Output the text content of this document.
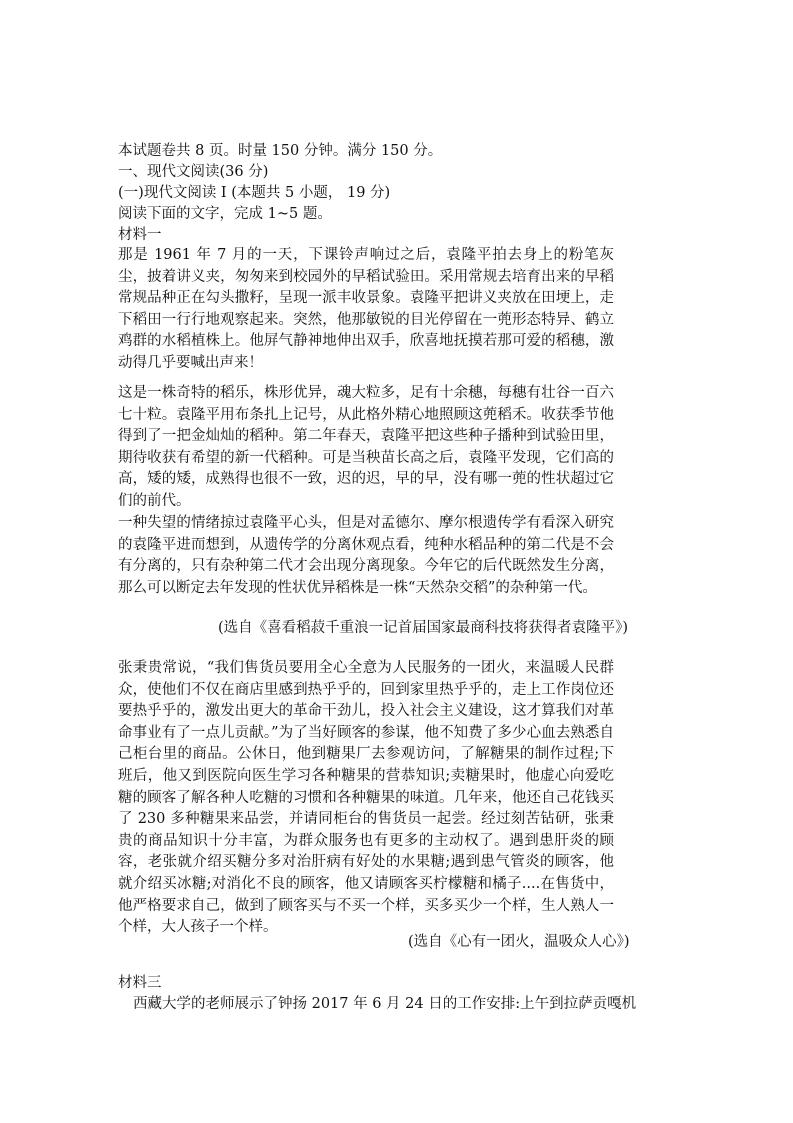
本试题卷共 8 页。时量 150 分钟。满分 150 分。
一、现代文阅读(36 分)
(一)现代文阅读 I (本题共 5 小题， 19 分)
阅读下面的文字，完成 1~5 题。
材料一
那是 1961 年 7 月的一天，下课铃声响过之后，袁隆平拍去身上的粉笔灰尘，披着讲义夹，匆匆来到校园外的早稻试验田。采用常规去培育出来的早稻常规品种正在勾头撒籽，呈现一派丰收景象。袁隆平把讲义夹放在田埂上，走下稻田一行行地观察起来。突然，他那敏锐的目光停留在一蔸形态特异、鹤立鸡群的水稻植株上。他屏气静神地伸出双手，欣喜地抚摸若那可爱的稻穗，激动得几乎要喊出声来！
这是一株奇特的稻乐，株形优异，魂大粒多，足有十余穗，每穗有壮谷一百六七十粒。袁隆平用布条扎上记号，从此格外精心地照顾这蔸稻禾。收获季节他得到了一把金灿灿的稻种。第二年春天，袁隆平把这些种子播种到试验田里，期待收获有希望的新一代稻种。可是当秧苗长高之后，袁隆平发现，它们高的高，矮的矮，成熟得也很不一致，迟的迟，早的早，没有哪一蔸的性状超过它们的前代。
一种失望的情绪掠过袁隆平心头，但是对孟德尔、摩尔根遗传学有看深入研究的袁隆平进而想到，从遗传学的分离休观点看，纯种水稻品种的第二代是不会有分离的，只有杂种第二代才会出现分离现象。今年它的后代既然发生分离，那么可以断定去年发现的性状优异稻株是一株“天然杂交稻”的杂种第一代。
(选自《喜看稻菽千重浪一记首届国家最商科技将获得者袁隆平》)
张秉贵常说，“我们售货员要用全心全意为人民服务的一团火，来温暖人民群众，使他们不仅在商店里感到热乎乎的，回到家里热乎乎的，走上工作岗位还要热乎乎的，激发出更大的革命干劲儿，投入社会主义建设，这才算我们对革命事业有了一点儿贡献。”为了当好顾客的参谋，他不知费了多少心血去熟悉自己柜台里的商品。公休日，他到糖果厂去参观访问，了解糖果的制作过程;下班后，他又到医院向医生学习各种糖果的营恭知识;卖糖果时，他虚心向爱吃糖的顾客了解各种人吃糖的习惯和各种糖果的味道。几年来，他还自己花钱买了 230 多种糖果来品尝，并请同柜台的售货员一起尝。经过刻苦钻研，张秉贵的商品知识十分丰富，为群众服务也有更多的主动权了。遇到患肝炎的顾容，老张就介绍买糖分多对治肝病有好处的水果糖;遇到患气管炎的顾客，他就介绍买冰糖;对消化不良的顾客，他又请顾客买柠檬糖和橘子....在售货中，他严格要求自己，做到了顾客买与不买一个样，买多买少一个样，生人熟人一个样，大人孩子一个样。
(选自《心有一团火，温吸众人心》)
材料三
西藏大学的老师展示了钟扬 2017 年 6 月 24 日的工作安排:上午到拉萨贡嘎机
